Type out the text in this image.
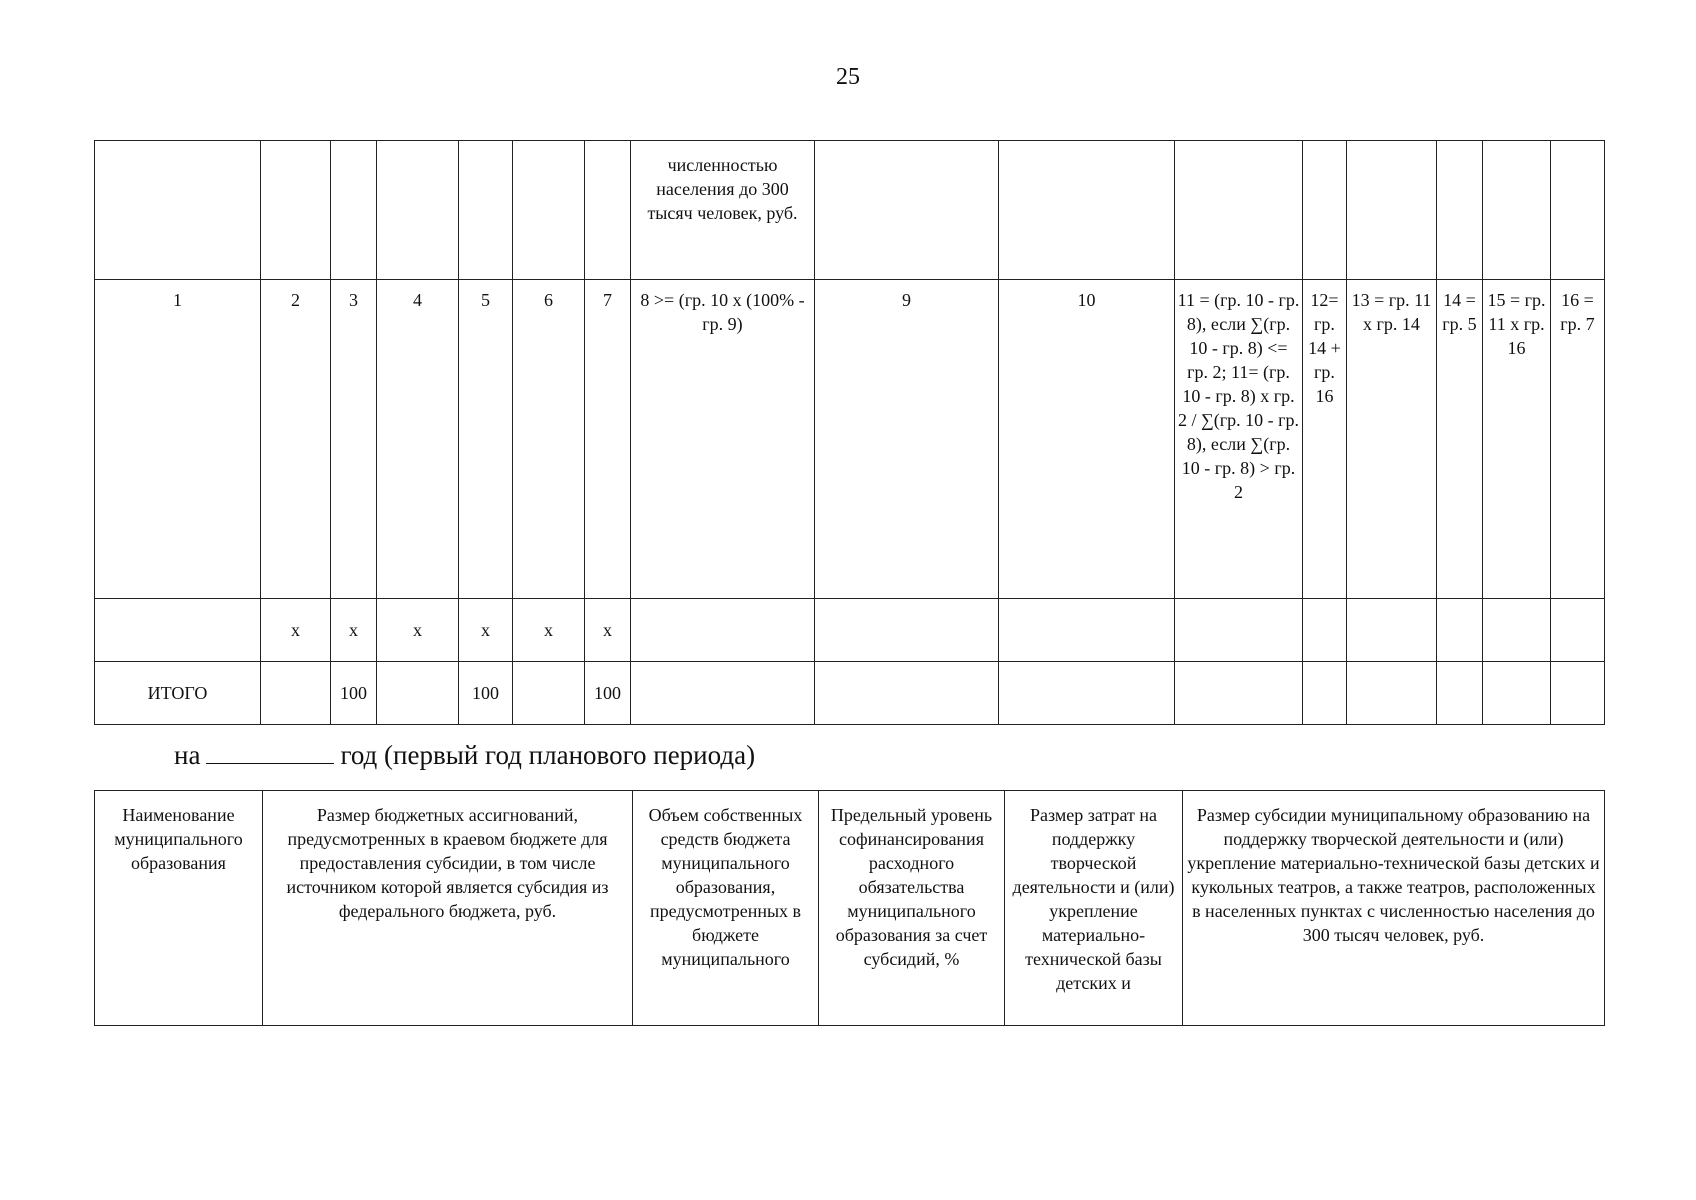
25
							численностью населения до 300 тысяч человек, руб.								
1	2	3	4	5	6	7	8 >= (гр. 10 x (100% - гр. 9)	9	10	11 = (гр. 10 - гр. 8), если ∑(гр. 10 - гр. 8) <= гр. 2; 11= (гр. 10 - гр. 8) x гр. 2 / ∑(гр. 10 - гр. 8), если ∑(гр. 10 - гр. 8) > гр. 2	12= гр. 14 + гр. 16	13 = гр. 11 x гр. 14	14 = гр. 5	15 = гр. 11 x гр. 16	16 = гр. 7
	x	x	x	x	x	x									
ИТОГО		100		100		100									
на	год (первый год планового периода)
Наименование муниципального образования	Размер бюджетных ассигнований, предусмотренных в краевом бюджете для предоставления субсидии, в том числе источником которой является субсидия из федерального бюджета, руб.	Объем собственных средств бюджета муниципального образования, предусмотренных в бюджете муниципального	Предельный уровень софинансирования расходного обязательства муниципального образования за счет субсидий, %	Размер затрат на поддержку творческой деятельности и (или) укрепление материально-технической базы детских и	Размер субсидии муниципальному образованию на поддержку творческой деятельности и (или) укрепление материально-технической базы детских и кукольных театров, а также театров, расположенных в населенных пунктах с численностью населения до 300 тысяч человек, руб.
